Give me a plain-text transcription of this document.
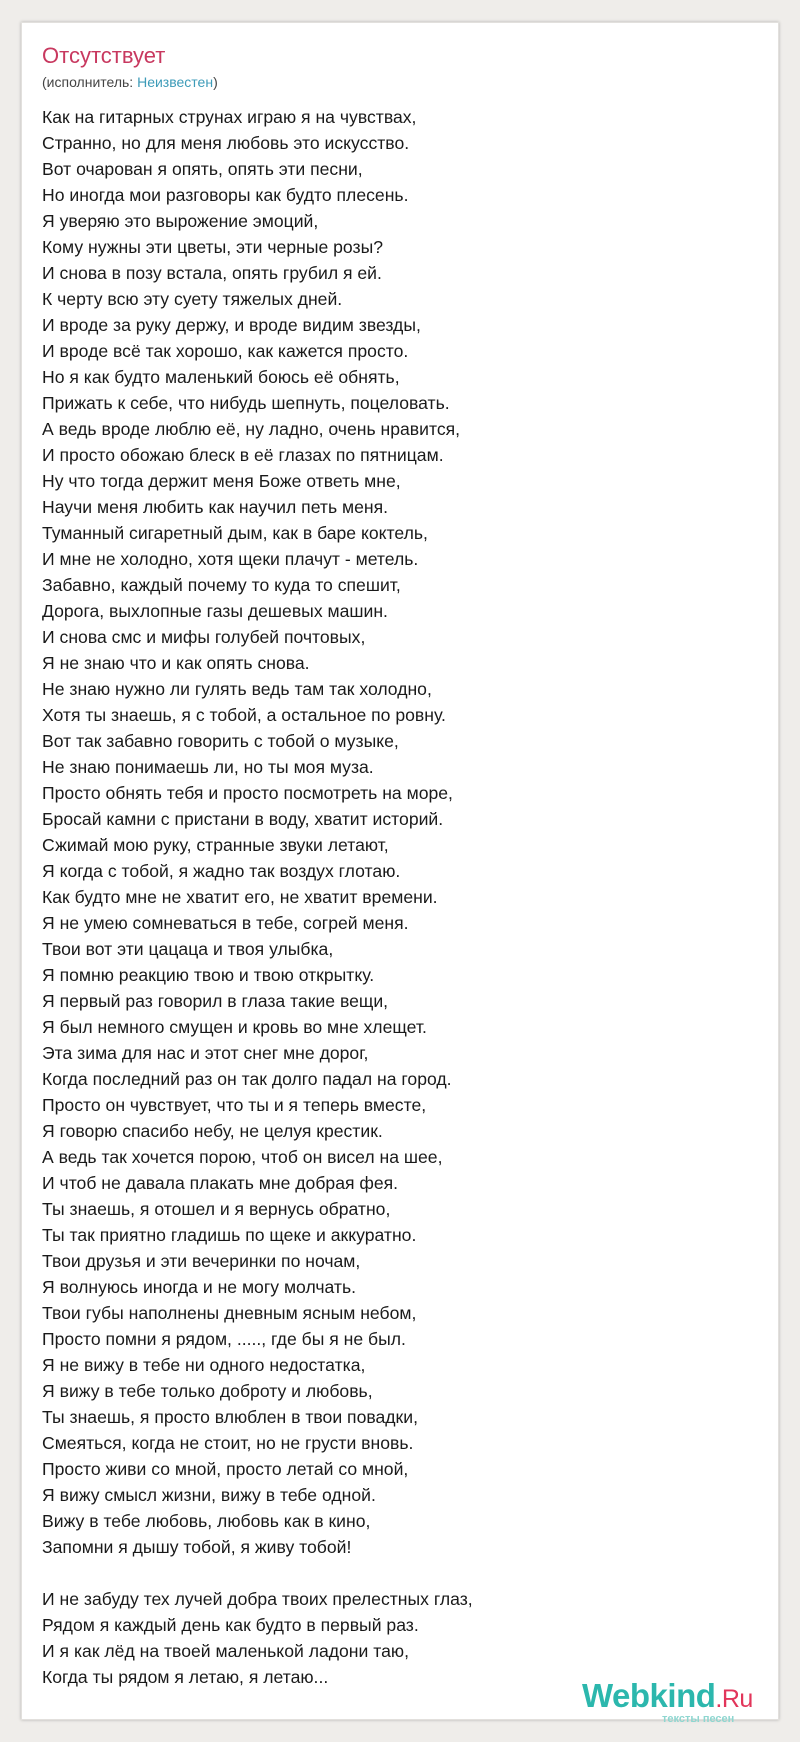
Отсутствует
(исполнитель: Неизвестен)
Как на гитарных струнах играю я на чувствах,
Странно, но для меня любовь это искусство.
Вот очарован я опять, опять эти песни,
Но иногда мои разговоры как будто плесень.
Я уверяю это вырожение эмоций,
Кому нужны эти цветы, эти черные розы?
И снова в позу встала, опять грубил я ей.
К черту всю эту суету тяжелых дней.
И вроде за руку держу, и вроде видим звезды,
И вроде всё так хорошо, как кажется просто.
Но я как будто маленький боюсь её обнять,
Прижать к себе, что нибудь шепнуть, поцеловать.
А ведь вроде люблю её, ну ладно, очень нравится,
И просто обожаю блеск в её глазах по пятницам.
Ну что тогда держит меня Боже ответь мне,
Научи меня любить как научил петь меня.
Туманный сигаретный дым, как в баре коктель,
И мне не холодно, хотя щеки плачут - метель.
Забавно, каждый почему то куда то спешит,
Дорога, выхлопные газы дешевых машин.
И снова смс и мифы голубей почтовых,
Я не знаю что и как опять снова.
Не знаю нужно ли гулять ведь там так холодно,
Хотя ты знаешь, я с тобой, а остальное по ровну.
Вот так забавно говорить с тобой о музыке,
Не знаю понимаешь ли, но ты моя муза.
Просто обнять тебя и просто посмотреть на море,
Бросай камни с пристани в воду, хватит историй.
Сжимай мою руку, странные звуки летают,
Я когда с тобой, я жадно так воздух глотаю.
Как будто мне не хватит его, не хватит времени.
Я не умею сомневаться в тебе, согрей меня.
Твои вот эти цацаца и твоя улыбка,
Я помню реакцию твою и твою открытку.
Я первый раз говорил в глаза такие вещи,
Я был немного смущен и кровь во мне хлещет.
Эта зима для нас и этот снег мне дорог,
Когда последний раз он так долго падал на город.
Просто он чувствует, что ты и я теперь вместе,
Я говорю спасибо небу, не целуя крестик.
А ведь так хочется порою, чтоб он висел на шее,
И чтоб не давала плакать мне добрая фея.
Ты знаешь, я отошел и я вернусь обратно,
Ты так приятно гладишь по щеке и аккуратно.
Твои друзья и эти вечеринки по ночам,
Я волнуюсь иногда и не могу молчать.
Твои губы наполнены дневным ясным небом,
Просто помни я рядом, ....., где бы я не был.
Я не вижу в тебе ни одного недостатка,
Я вижу в тебе только доброту и любовь,
Ты знаешь, я просто влюблен в твои повадки,
Смеяться, когда не стоит, но не грусти вновь.
Просто живи со мной, просто летай со мной,
Я вижу смысл жизни, вижу в тебе одной.
Вижу в тебе любовь, любовь как в кино,
Запомни я дышу тобой, я живу тобой!
И не забуду тех лучей добра твоих прелестных глаз,
Рядом я каждый день как будто в первый раз.
И я как лёд на твоей маленькой ладони таю,
Когда ты рядом я летаю, я летаю...	Webkind.Ru
тексты песен
